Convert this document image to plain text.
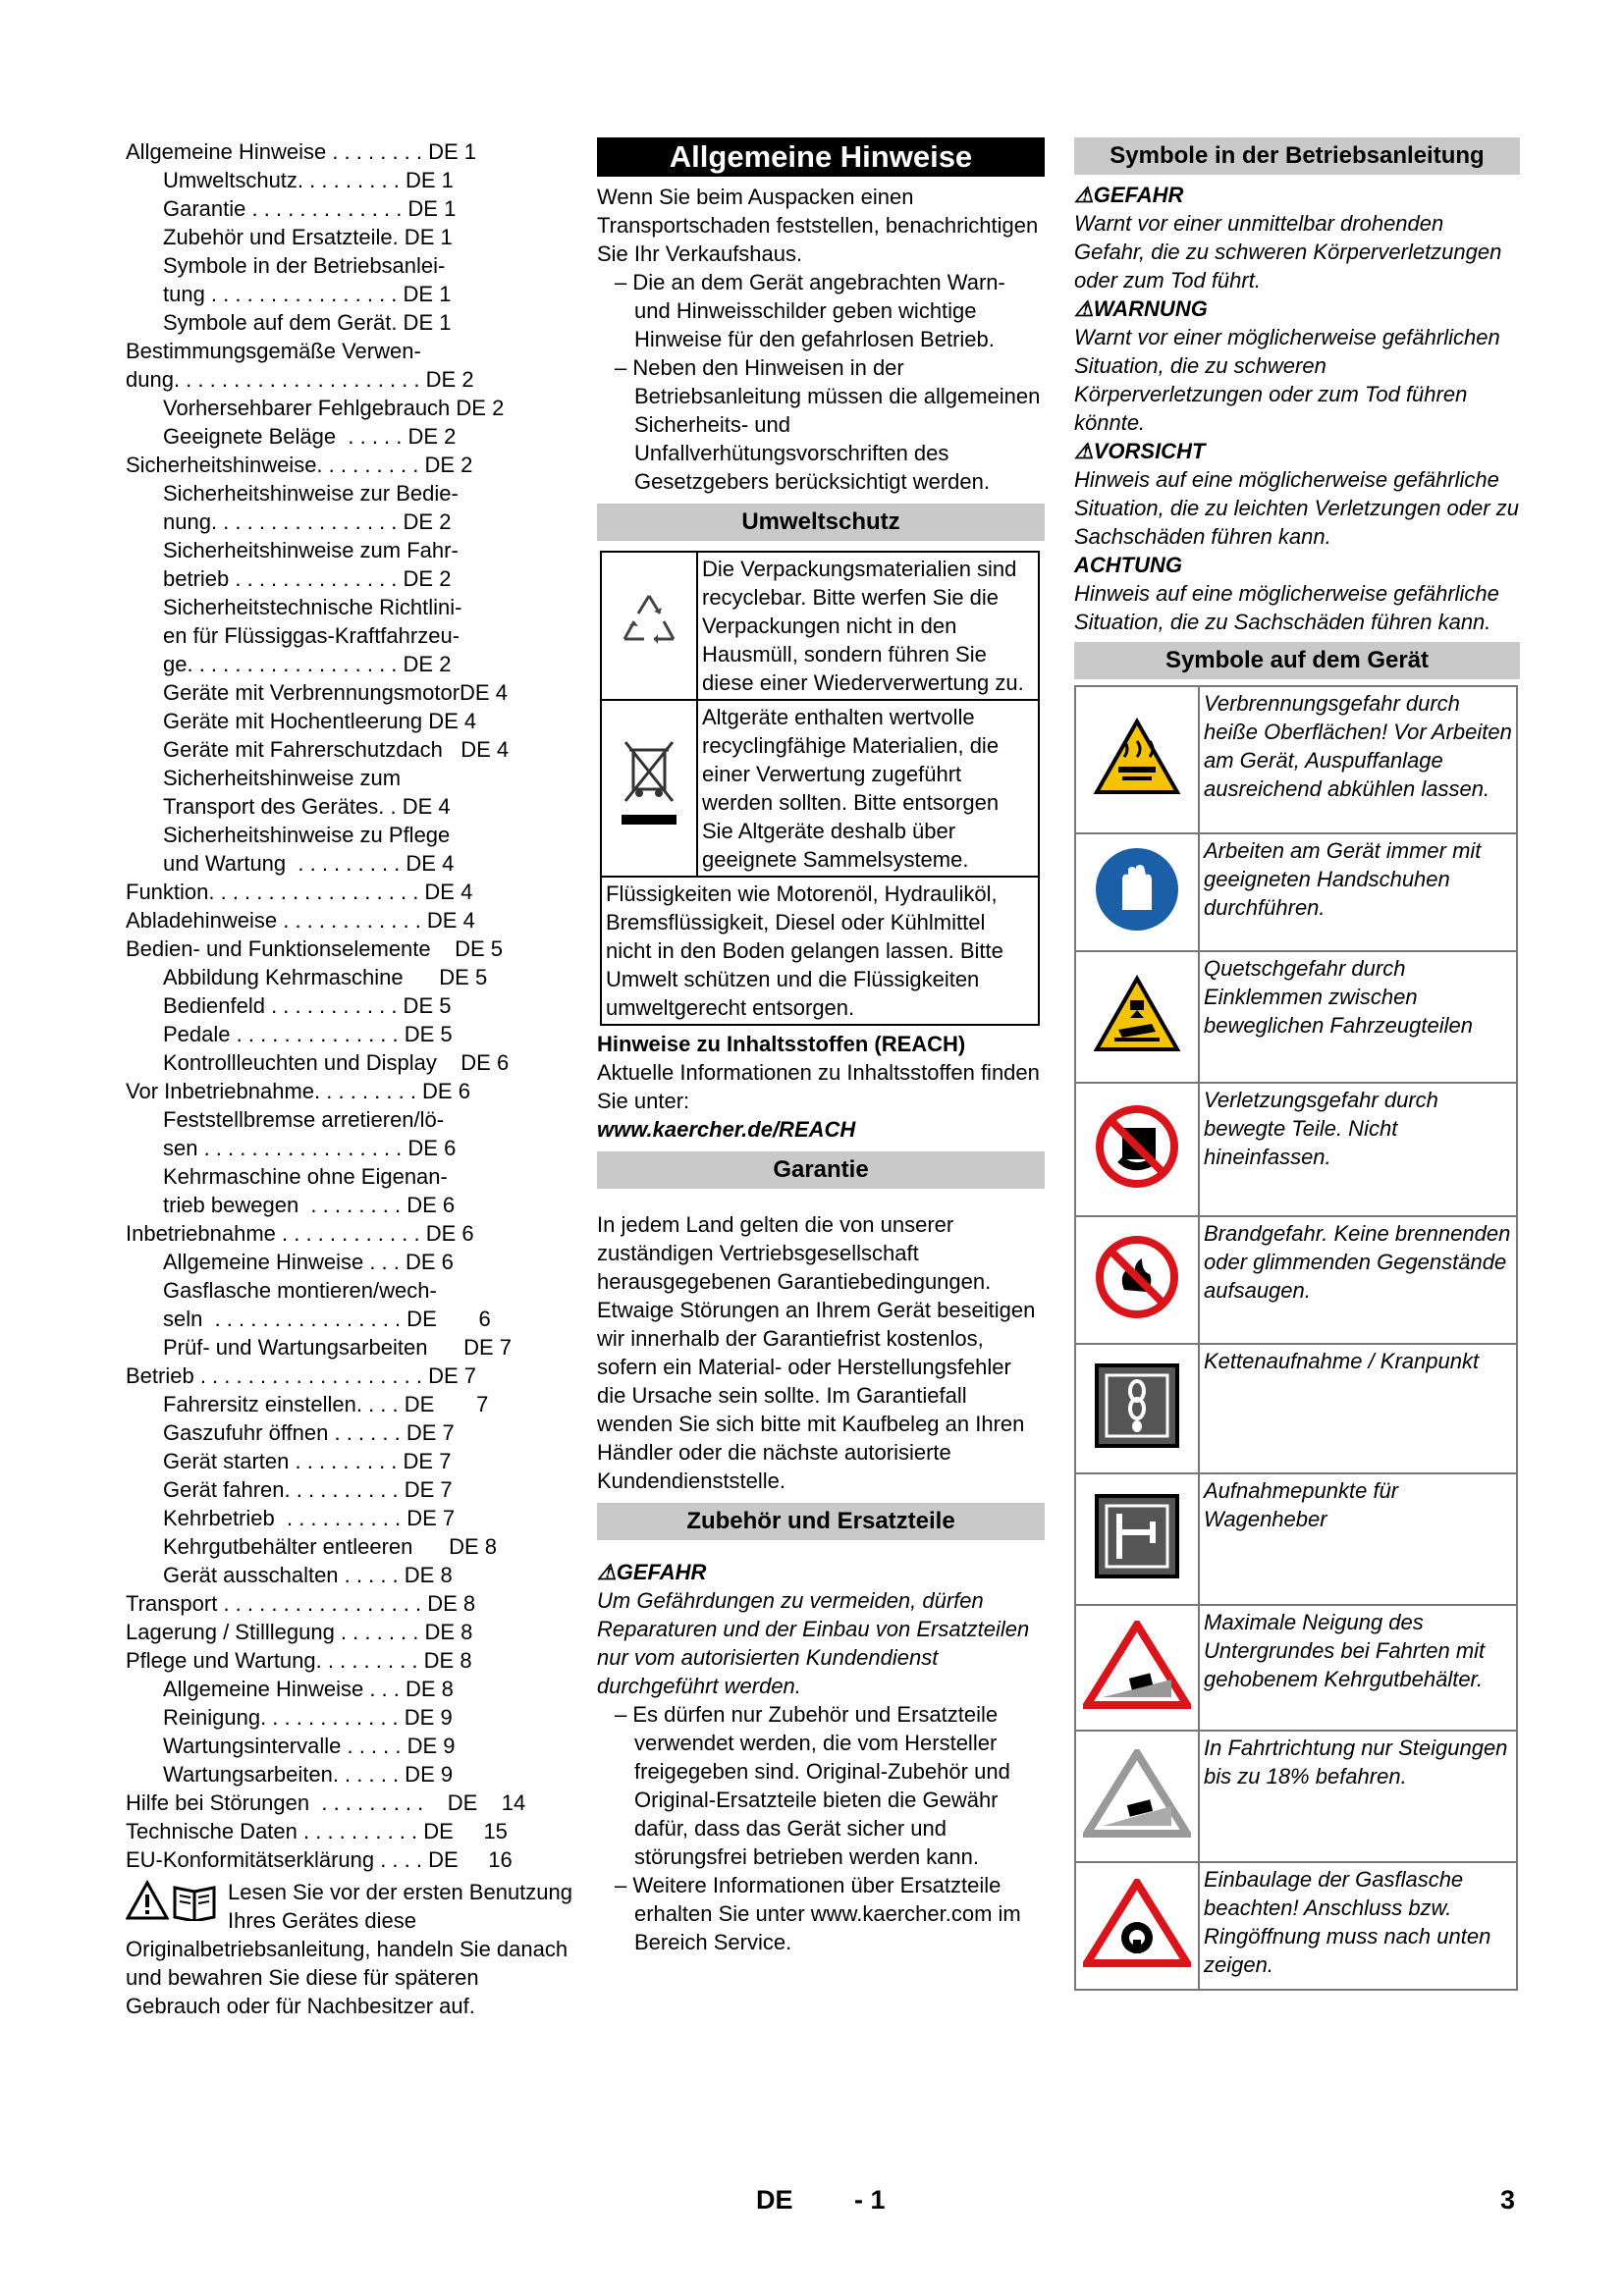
Allgemeine Hinweise . . . . . . . . DE 1
Umweltschutz. . . . . . . . . DE 1
Garantie . . . . . . . . . . . . . DE 1
Zubehör und Ersatzteile. DE 1
Symbole in der Betriebsanlei-
tung . . . . . . . . . . . . . . . . DE 1
Symbole auf dem Gerät. DE 1
Bestimmungsgemäße Verwen-
dung. . . . . . . . . . . . . . . . . . . . . DE 2
Vorhersehbarer Fehlgebrauch DE 2
Geeignete Beläge  . . . . . DE 2
Sicherheitshinweise. . . . . . . . . DE 2
Sicherheitshinweise zur Bedie-
nung. . . . . . . . . . . . . . . . DE 2
Sicherheitshinweise zum Fahr-
betrieb . . . . . . . . . . . . . . DE 2
Sicherheitstechnische Richtlini-
en für Flüssiggas-Kraftfahrzeu-
ge. . . . . . . . . . . . . . . . . . DE 2
Geräte mit VerbrennungsmotorDE 4
Geräte mit Hochentleerung DE 4
Geräte mit Fahrerschutzdach   DE 4
Sicherheitshinweise zum
Transport des Gerätes. . DE 4
Sicherheitshinweise zu Pflege
und Wartung  . . . . . . . . . DE 4
Funktion. . . . . . . . . . . . . . . . . . DE 4
Abladehinweise . . . . . . . . . . . . DE 4
Bedien- und Funktionselemente    DE 5
Abbildung Kehrmaschine      DE 5
Bedienfeld . . . . . . . . . . . DE 5
Pedale . . . . . . . . . . . . . . DE 5
Kontrollleuchten und Display    DE 6
Vor Inbetriebnahme. . . . . . . . . DE 6
Feststellbremse arretieren/lö-
sen . . . . . . . . . . . . . . . . . DE 6
Kehrmaschine ohne Eigenan-
trieb bewegen  . . . . . . . . DE 6
Inbetriebnahme . . . . . . . . . . . . DE 6
Allgemeine Hinweise . . . DE 6
Gasflasche montieren/wech-
seln  . . . . . . . . . . . . . . . . DE       6
Prüf- und Wartungsarbeiten      DE 7
Betrieb . . . . . . . . . . . . . . . . . . . DE 7
Fahrersitz einstellen. . . . DE       7
Gaszufuhr öffnen . . . . . . DE 7
Gerät starten . . . . . . . . . DE 7
Gerät fahren. . . . . . . . . . DE 7
Kehrbetrieb  . . . . . . . . . . DE 7
Kehrgutbehälter entleeren      DE 8
Gerät ausschalten . . . . . DE 8
Transport . . . . . . . . . . . . . . . . . DE 8
Lagerung / Stilllegung . . . . . . . DE 8
Pflege und Wartung. . . . . . . . . DE 8
Allgemeine Hinweise . . . DE 8
Reinigung. . . . . . . . . . . . DE 9
Wartungsintervalle . . . . . DE 9
Wartungsarbeiten. . . . . . DE 9
Hilfe bei Störungen  . . . . . . . . .    DE    14
Technische Daten . . . . . . . . . . DE     15
EU-Konformitätserklärung . . . . DE     16

Lesen Sie vor der ersten Benutzung Ihres Gerätes diese Originalbetriebsanleitung, handeln Sie danach und bewahren Sie diese für späteren Gebrauch oder für Nachbesitzer auf.

Allgemeine Hinweise

Wenn Sie beim Auspacken einen Transportschaden feststellen, benachrichtigen Sie Ihr Verkaufshaus.

– Die an dem Gerät angebrachten Warn- und Hinweisschilder geben wichtige Hinweise für den gefahrlosen Betrieb.

– Neben den Hinweisen in der Betriebsanleitung müssen die allgemeinen Sicherheits- und Unfallverhütungsvorschriften des Gesetzgebers berücksichtigt werden.

Umweltschutz
	Die Verpackungsmaterialien sind recyclebar. Bitte werfen Sie die Verpackungen nicht in den Hausmüll, sondern führen Sie diese einer Wiederverwertung zu.
	Altgeräte enthalten wertvolle recyclingfähige Materialien, die einer Verwertung zugeführt werden sollten. Bitte entsorgen Sie Altgeräte deshalb über geeignete Sammelsysteme.
Flüssigkeiten wie Motorenöl, Hydrauliköl, Bremsflüssigkeit, Diesel oder Kühlmittel nicht in den Boden gelangen lassen. Bitte Umwelt schützen und die Flüssigkeiten umweltgerecht entsorgen.	

Hinweise zu Inhaltsstoffen (REACH)

Aktuelle Informationen zu Inhaltsstoffen finden Sie unter:

www.kaercher.de/REACH

Garantie

In jedem Land gelten die von unserer zuständigen Vertriebsgesellschaft herausgegebenen Garantiebedingungen. Etwaige Störungen an Ihrem Gerät beseitigen wir innerhalb der Garantiefrist kostenlos, sofern ein Material- oder Herstellungsfehler die Ursache sein sollte. Im Garantiefall wenden Sie sich bitte mit Kaufbeleg an Ihren Händler oder die nächste autorisierte Kundendienststelle.

Zubehör und Ersatzteile
⚠GEFAHR

Um Gefährdungen zu vermeiden, dürfen Reparaturen und der Einbau von Ersatzteilen nur vom autorisierten Kundendienst durchgeführt werden.

– Es dürfen nur Zubehör und Ersatzteile verwendet werden, die vom Hersteller freigegeben sind. Original-Zubehör und Original-Ersatzteile bieten die Gewähr dafür, dass das Gerät sicher und störungsfrei betrieben werden kann.

– Weitere Informationen über Ersatzteile erhalten Sie unter www.kaercher.com im Bereich Service.

Symbole in der Betriebsanleitung
⚠GEFAHR

Warnt vor einer unmittelbar drohenden Gefahr, die zu schweren Körperverletzungen oder zum Tod führt.

⚠WARNUNG

Warnt vor einer möglicherweise gefährlichen Situation, die zu schweren Körperverletzungen oder zum Tod führen könnte.

⚠VORSICHT

Hinweis auf eine möglicherweise gefährliche Situation, die zu leichten Verletzungen oder zu Sachschäden führen kann.

ACHTUNG

Hinweis auf eine möglicherweise gefährliche Situation, die zu Sachschäden führen kann.

Symbole auf dem Gerät
	Verbrennungsgefahr durch heiße Oberflächen! Vor Arbeiten am Gerät, Auspuffanlage ausreichend abkühlen lassen.
	Arbeiten am Gerät immer mit geeigneten Handschuhen durchführen.
	Quetschgefahr durch Einklemmen zwischen beweglichen Fahrzeugteilen
	Verletzungsgefahr durch bewegte Teile. Nicht hineinfassen.
	Brandgefahr. Keine brennenden oder glimmenden Gegenstände aufsaugen.
	Kettenaufnahme / Kranpunkt
	Aufnahmepunkte für Wagenheber
	Maximale Neigung des Untergrundes bei Fahrten mit gehobenem Kehrgutbehälter.
	In Fahrtrichtung nur Steigungen bis zu 18% befahren.
	Einbaulage der Gasflasche beachten! Anschluss bzw. Ringöffnung muss nach unten zeigen.
DE - 1	3
